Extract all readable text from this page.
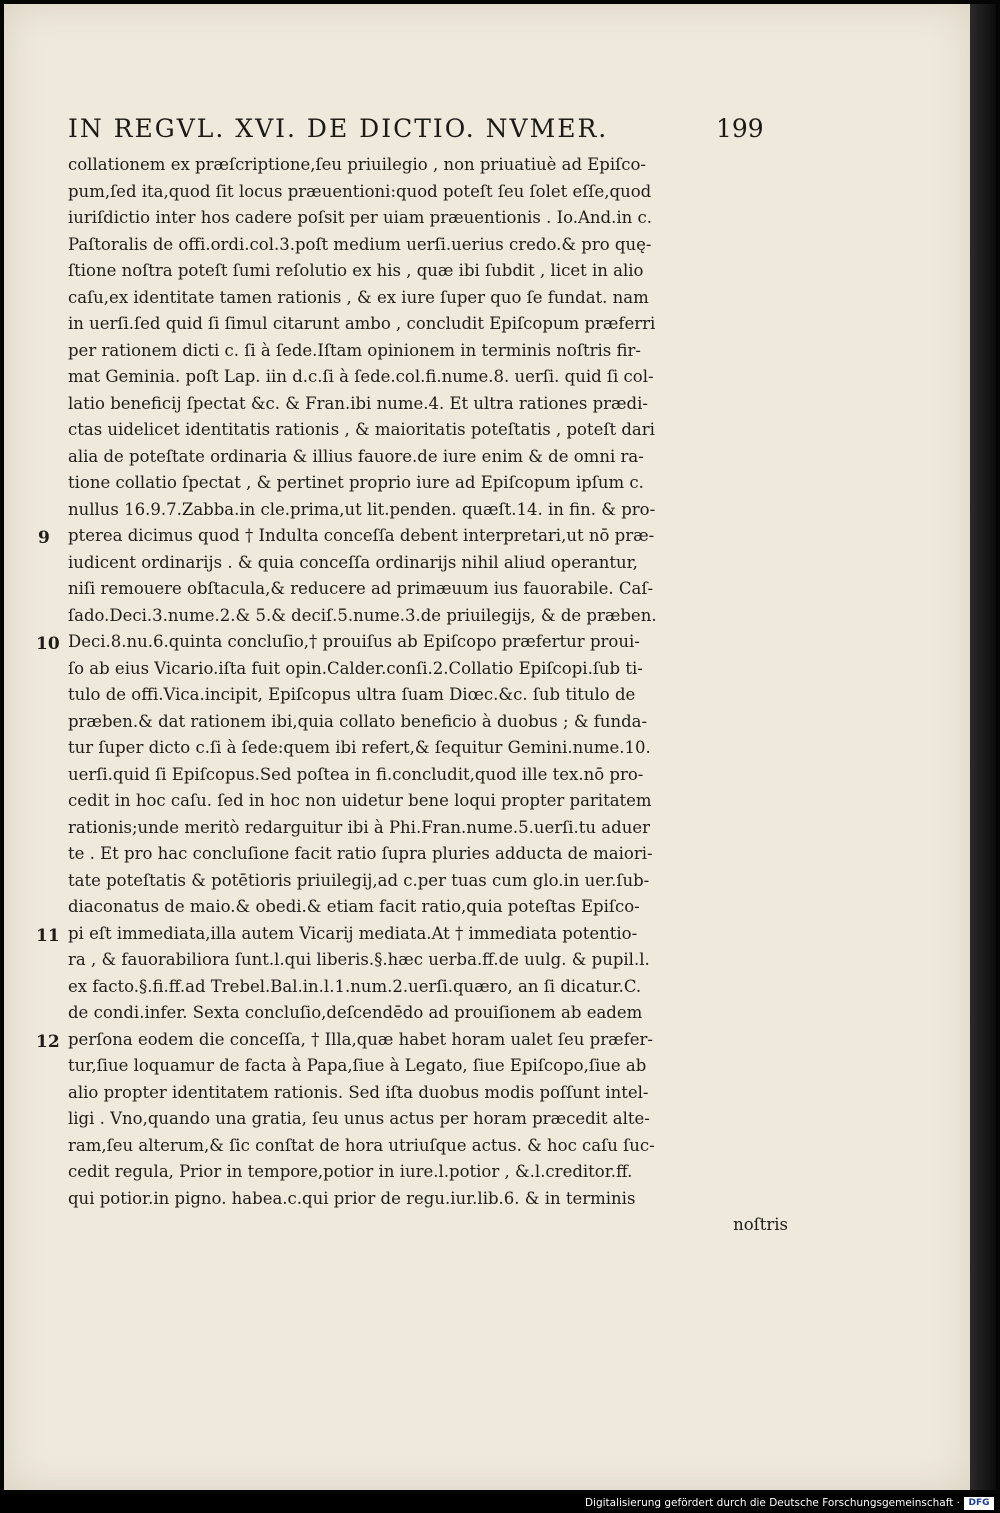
IN REGVL. XVI. DE DICTIO. NVMER.	199
9
10
11
12
collationem ex præſcriptione,ſeu priuilegio , non priuatiuè ad Epiſco-
pum,ſed ita,quod ſit locus præuentioni:quod poteſt ſeu ſolet eſſe,quod
iuriſdictio inter hos cadere poſsit per uiam præuentionis . Io.And.in c.
Paſtoralis de offi.ordi.col.3.poſt medium uerſi.uerius credo.& pro quę-
ſtione noſtra poteſt ſumi reſolutio ex his , quæ ibi ſubdit , licet in alio
caſu,ex identitate tamen rationis , & ex iure ſuper quo ſe fundat. nam
in uerſi.ſed quid ſi ſimul citarunt ambo , concludit Epiſcopum præferri
per rationem dicti c. ſi à ſede.Iſtam opinionem in terminis noſtris fir-
mat Geminia. poſt Lap. iin d.c.ſi à ſede.col.fi.nume.8. uerſi. quid ſi col-
latio beneficij ſpectat &c. & Fran.ibi nume.4. Et ultra rationes prædi-
ctas uidelicet identitatis rationis , & maioritatis poteſtatis , poteſt dari
alia de poteſtate ordinaria & illius fauore.de iure enim & de omni ra-
tione collatio ſpectat , & pertinet proprio iure ad Epiſcopum ipſum c.
nullus 16.9.7.Zabba.in cle.prima,ut lit.penden. quæſt.14. in fin. & pro-
pterea dicimus quod † Indulta conceſſa debent interpretari,ut nō præ-
iudicent ordinarijs . & quia conceſſa ordinarijs nihil aliud operantur,
niſi remouere obſtacula,& reducere ad primæuum ius fauorabile. Caſ-
ſado.Deci.3.nume.2.& 5.& deciſ.5.nume.3.de priuilegijs, & de præben.
Deci.8.nu.6.quinta concluſio,† prouiſus ab Epiſcopo præfertur proui-
ſo ab eius Vicario.iſta fuit opin.Calder.conſi.2.Collatio Epiſcopi.ſub ti-
tulo de offi.Vica.incipit, Epiſcopus ultra ſuam Diœc.&c. ſub titulo de
præben.& dat rationem ibi,quia collato beneficio à duobus ; & funda-
tur ſuper dicto c.ſi à ſede:quem ibi refert,& ſequitur Gemini.nume.10.
uerſi.quid ſi Epiſcopus.Sed poſtea in fi.concludit,quod ille tex.nō pro-
cedit in hoc caſu. ſed in hoc non uidetur bene loqui propter paritatem
rationis;unde meritò redarguitur ibi à Phi.Fran.nume.5.uerſi.tu aduer
te . Et pro hac concluſione facit ratio ſupra pluries adducta de maiori-
tate poteſtatis & potētioris priuilegij,ad c.per tuas cum glo.in uer.ſub-
diaconatus de maio.& obedi.& etiam facit ratio,quia poteſtas Epiſco-
pi eſt immediata,illa autem Vicarij mediata.At † immediata potentio-
ra , & fauorabiliora ſunt.l.qui liberis.§.hæc uerba.ff.de uulg. & pupil.l.
ex facto.§.fi.ff.ad Trebel.Bal.in.l.1.num.2.uerſi.quæro, an ſi dicatur.C.
de condi.infer. Sexta concluſio,deſcendēdo ad prouiſionem ab eadem
perſona eodem die conceſſa, † Illa,quæ habet horam ualet ſeu præfer-
tur,ſiue loquamur de facta à Papa,ſiue à Legato, ſiue Epiſcopo,ſiue ab
alio propter identitatem rationis. Sed iſta duobus modis poſſunt intel-
ligi . Vno,quando una gratia, ſeu unus actus per horam præcedit alte-
ram,ſeu alterum,& ſic conſtat de hora utriuſque actus. & hoc caſu ſuc-
cedit regula, Prior in tempore,potior in iure.l.potior , &.l.creditor.ff.
qui potior.in pigno. habea.c.qui prior de regu.iur.lib.6. & in terminis
noſtris
Digitalisierung gefördert durch die Deutsche Forschungsgemeinschaft · DFG
